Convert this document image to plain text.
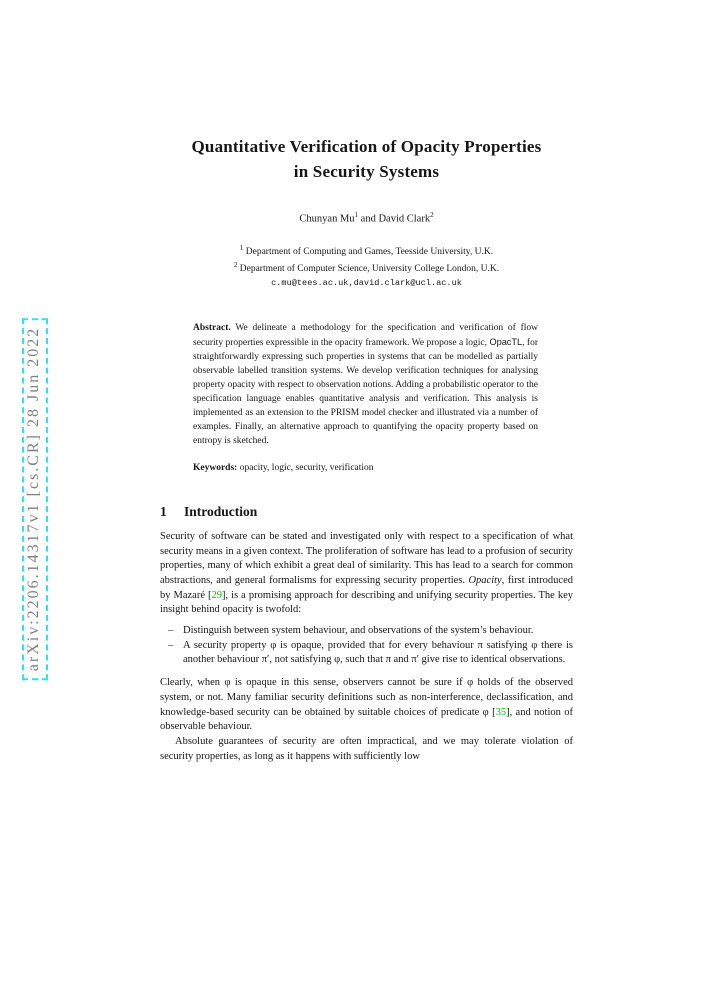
arXiv:2206.14317v1 [cs.CR] 28 Jun 2022
Quantitative Verification of Opacity Properties
in Security Systems
Chunyan Mu$^1$ and David Clark$^2$
$^1$ Department of Computing and Games, Teesside University, U.K.
$^2$ Department of Computer Science, University College London, U.K.
c.mu@tees.ac.uk,david.clark@ucl.ac.uk
Abstract. We delineate a methodology for the specification and verification of flow security properties expressible in the opacity framework. We propose a logic, OpacTL, for straightforwardly expressing such properties in systems that can be modelled as partially observable labelled transition systems. We develop verification techniques for analysing property opacity with respect to observation notions. Adding a probabilistic operator to the specification language enables quantitative analysis and verification. This analysis is implemented as an extension to the PRISM model checker and illustrated via a number of examples. Finally, an alternative approach to quantifying the opacity property based on entropy is sketched.
Keywords: opacity, logic, security, verification
1 Introduction

Security of software can be stated and investigated only with respect to a specification of what security means in a given context. The proliferation of software has lead to a profusion of security properties, many of which exhibit a great deal of similarity. This has lead to a search for common abstractions, and general formalisms for expressing security properties. Opacity, first introduced by Mazaré [29], is a promising approach for describing and unifying security properties. The key insight behind opacity is twofold:

– Distinguish between system behaviour, and observations of the system’s behaviour.
– A security property φ is opaque, provided that for every behaviour π satisfying φ there is another behaviour π′, not satisfying φ, such that π and π′ give rise to identical observations.

Clearly, when φ is opaque in this sense, observers cannot be sure if φ holds of the observed system, or not. Many familiar security definitions such as non-interference, declassification, and knowledge-based security can be obtained by suitable choices of predicate φ [35], and notion of observable behaviour.

Absolute guarantees of security are often impractical, and we may tolerate violation of security properties, as long as it happens with sufficiently low
